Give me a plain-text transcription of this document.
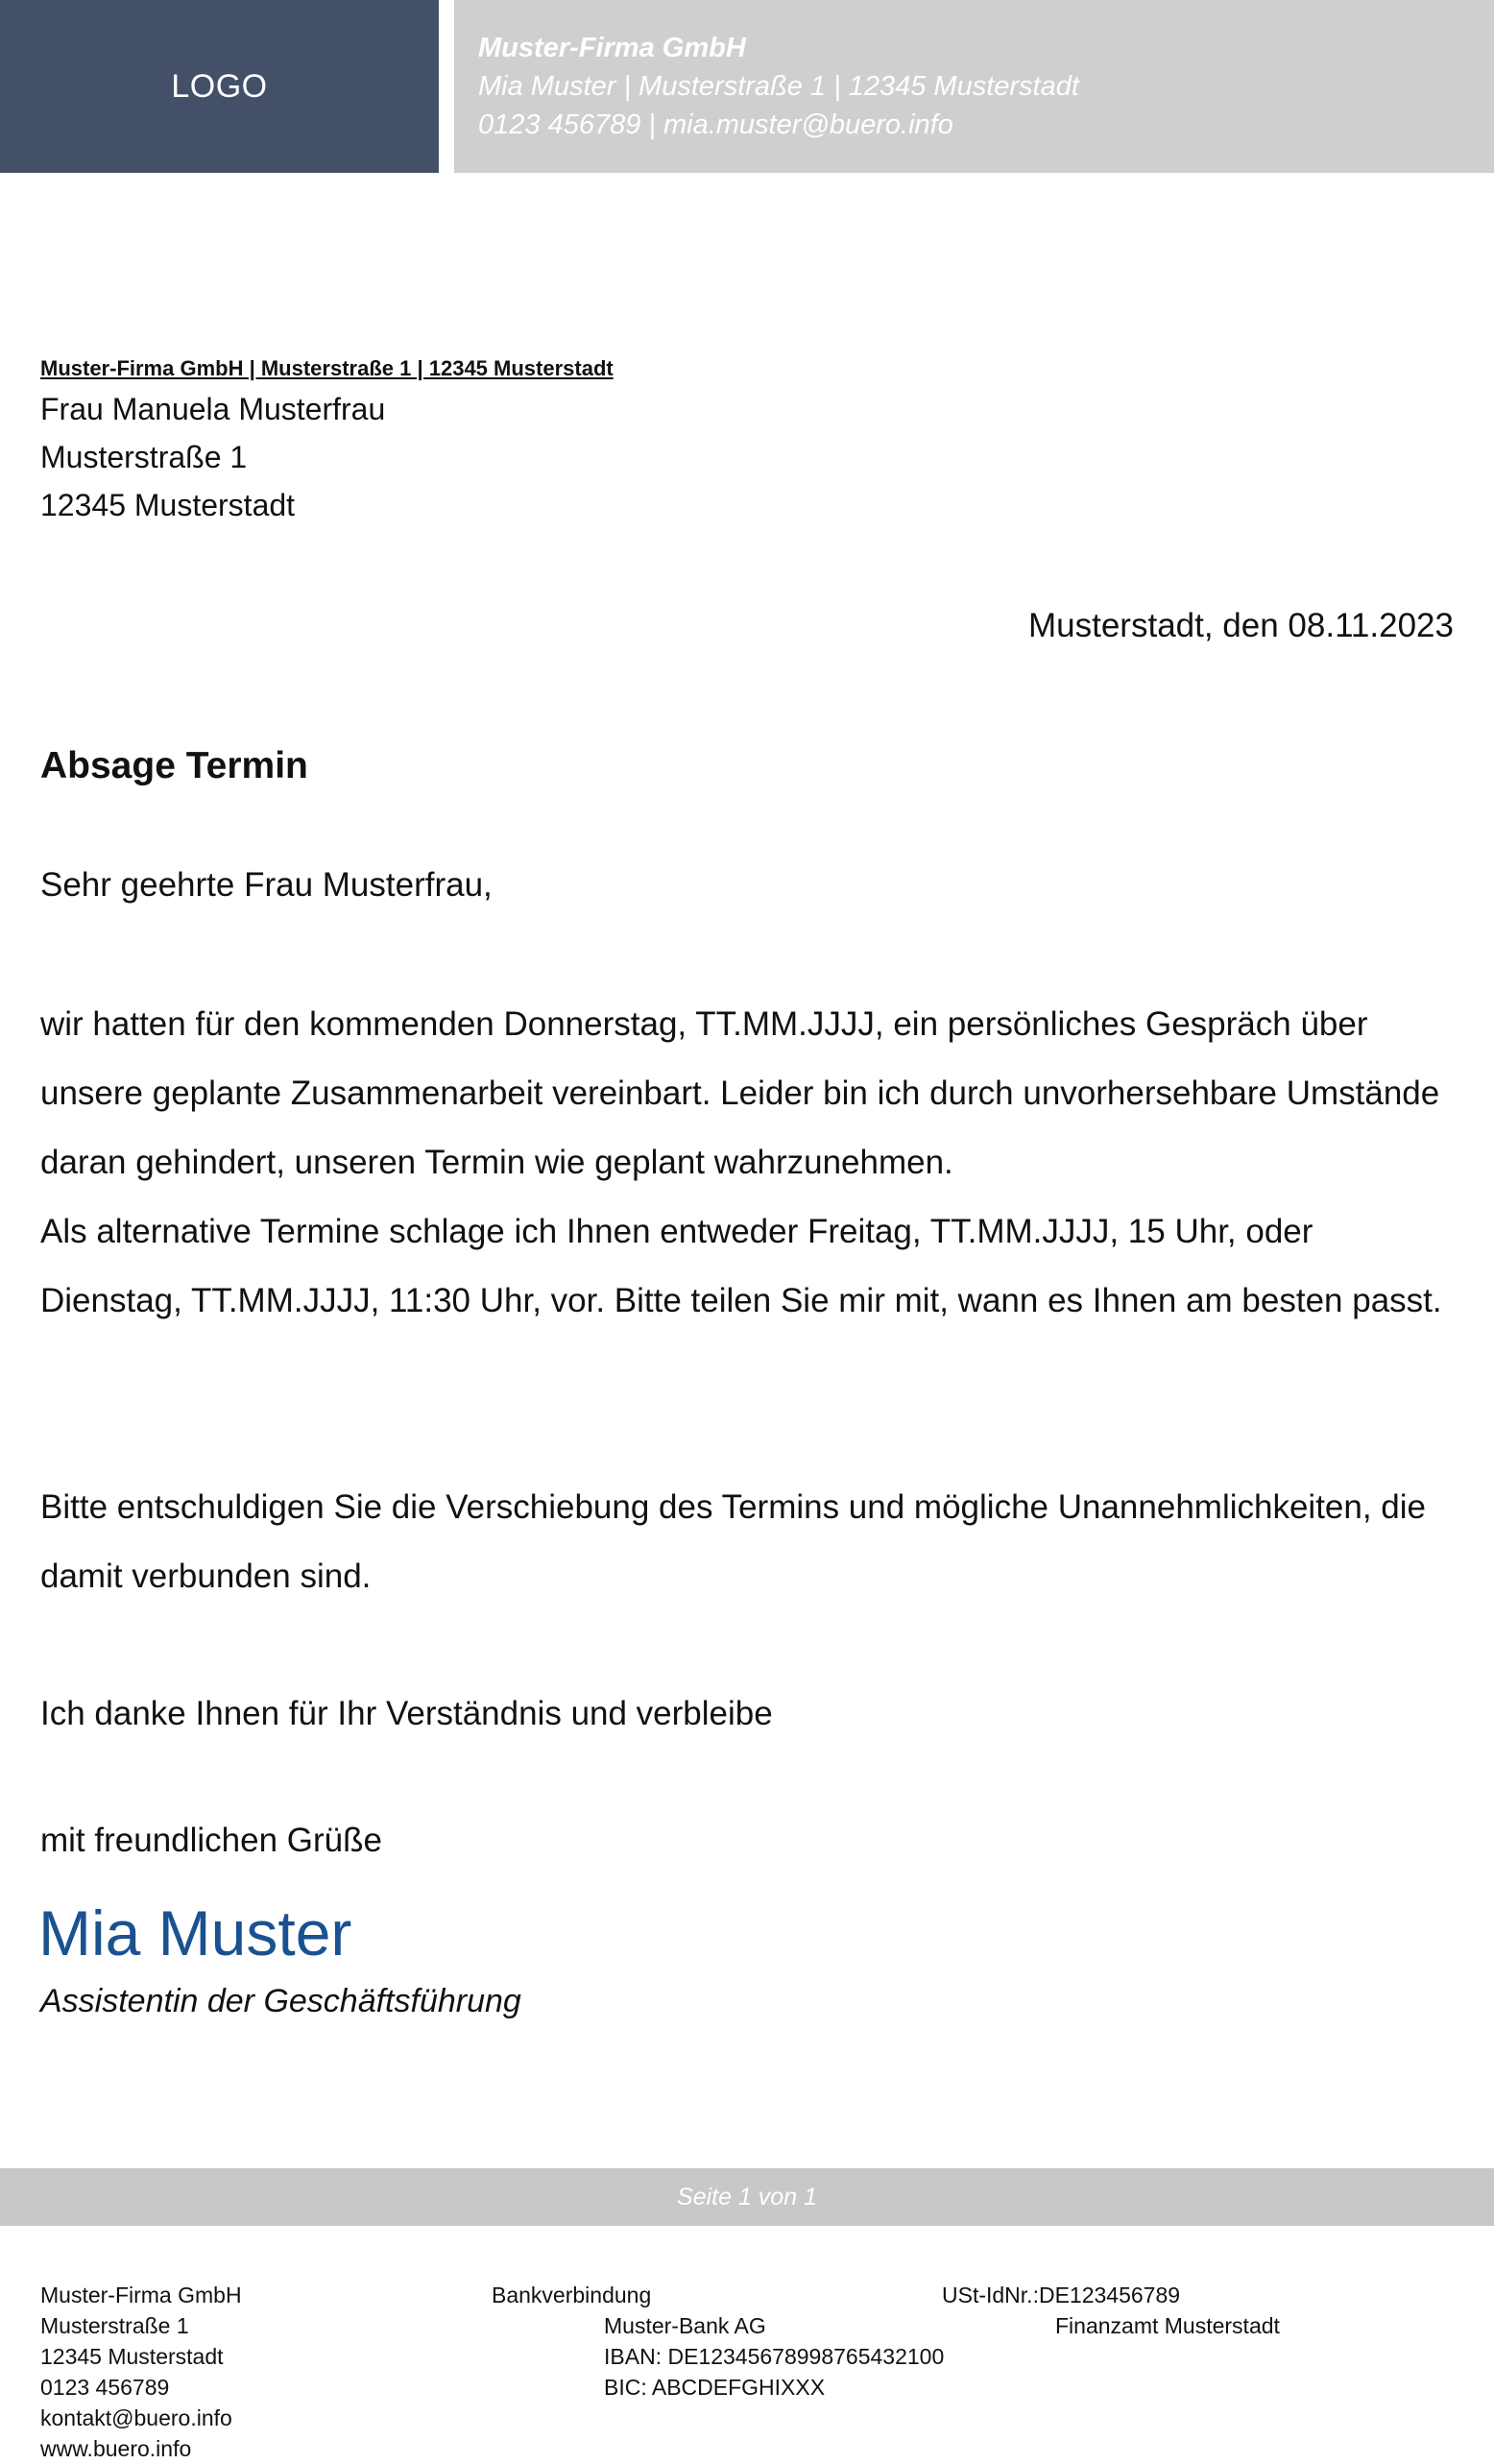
LOGO
Muster-Firma GmbH
Mia Muster | Musterstraße 1 | 12345 Musterstadt
0123 456789 | mia.muster@buero.info
Muster-Firma GmbH | Musterstraße 1 | 12345 Musterstadt
Frau Manuela Musterfrau
Musterstraße 1
12345 Musterstadt
Musterstadt, den 08.11.2023
Absage Termin
Sehr geehrte Frau Musterfrau,

wir hatten für den kommenden Donnerstag, TT.MM.JJJJ, ein persönliches Gespräch über unsere geplante Zusammenarbeit vereinbart. Leider bin ich durch unvorhersehbare Umstände daran gehindert, unseren Termin wie geplant wahrzunehmen.

Als alternative Termine schlage ich Ihnen entweder Freitag, TT.MM.JJJJ, 15 Uhr, oder Dienstag, TT.MM.JJJJ, 11:30 Uhr, vor. Bitte teilen Sie mir mit, wann es Ihnen am besten passt.

Bitte entschuldigen Sie die Verschiebung des Termins und mögliche Unannehmlichkeiten, die damit verbunden sind.

Ich danke Ihnen für Ihr Verständnis und verbleibe

mit freundlichen Grüße
Mia Muster
Assistentin der Geschäftsführung
Seite 1 von 1
Muster-Firma GmbH
Musterstraße 1
12345 Musterstadt
0123 456789
kontakt@buero.info
www.buero.info
Bankverbindung
Muster-Bank AG
IBAN: DE12345678998765432100
BIC: ABCDEFGHIXXX
USt-IdNr.:DE123456789
Finanzamt Musterstadt
